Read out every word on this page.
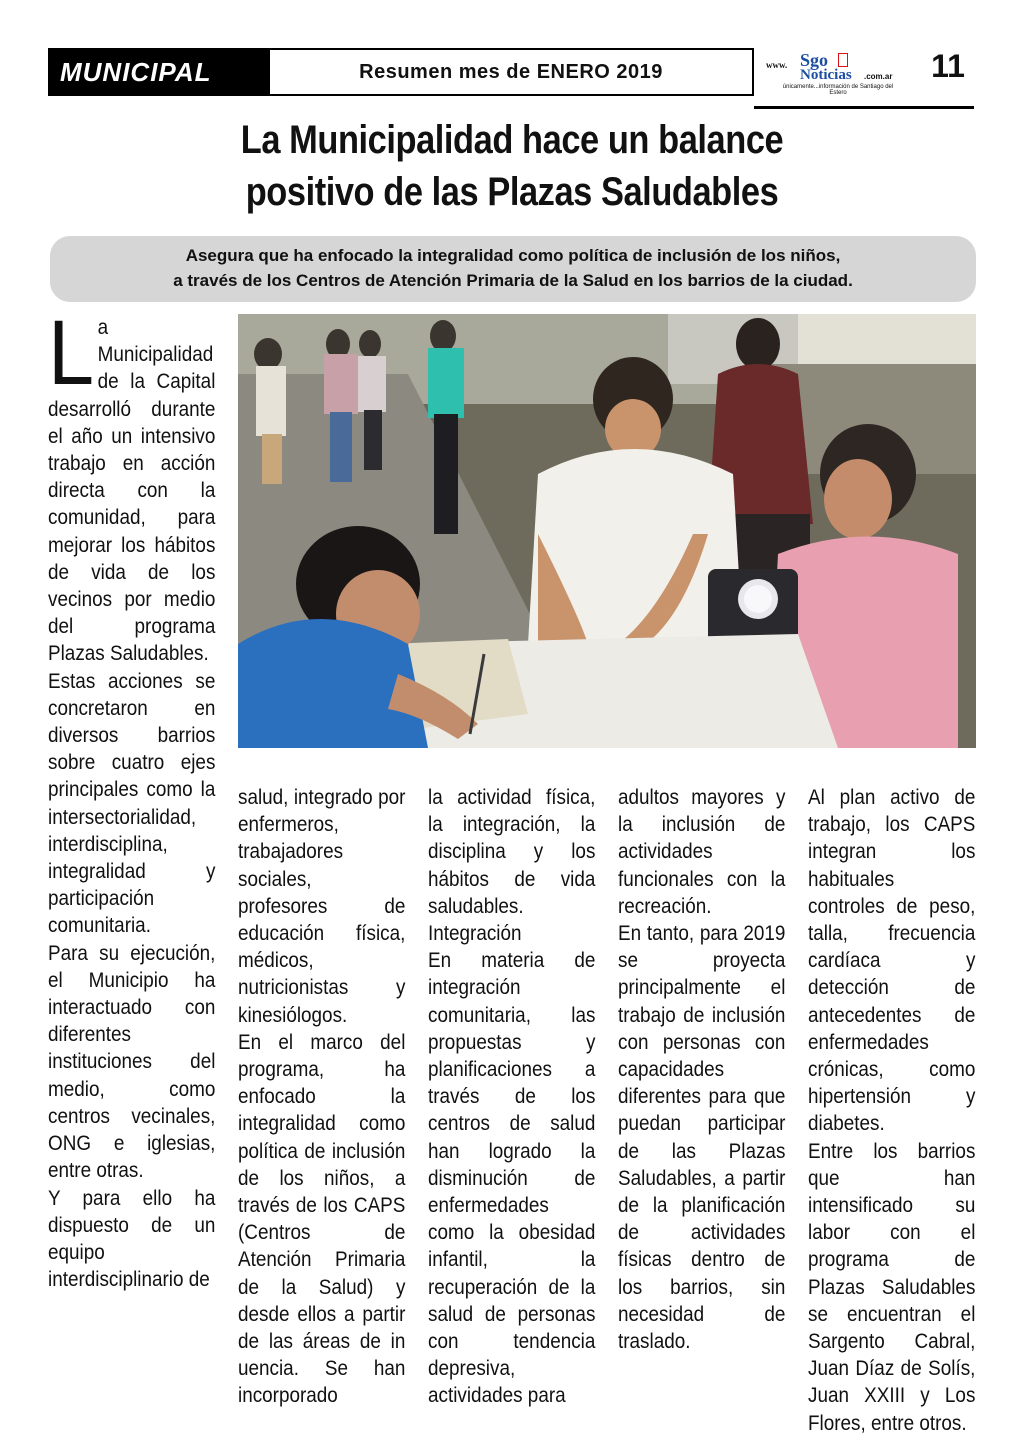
MUNICIPAL	Resumen mes de ENERO 2019	www. Sgo
Noticias .com.ar
únicamente...información de Santiago del Estero
11
La Municipalidad hace un balance
positivo de las Plazas Saludables
Asegura que ha enfocado la integralidad como política de inclusión de los niños,
a través de los Centros de Atención Primaria de la Salud en los barrios de la ciudad.

La Municipalidad de la Capital desarrolló durante el año un intensivo trabajo en acción directa con la comunidad, para mejorar los hábitos de vida de los vecinos por medio del programa Plazas Saludables.

Estas acciones se concretaron en diversos barrios sobre cuatro ejes principales como la intersectorialidad, interdisciplina, integralidad y participación comunitaria.

Para su ejecución, el Municipio ha interactuado con diferentes instituciones del medio, como centros vecinales, ONG e iglesias, entre otras.

Y para ello ha dispuesto de un equipo interdisciplinario de

salud, integrado por enfermeros, trabajadores sociales, profesores de educación física, médicos, nutricionistas y kinesiólogos.

En el marco del programa, ha enfocado la integralidad como política de inclusión de los niños, a través de los CAPS (Centros de Atención Primaria de la Salud) y desde ellos a partir de las áreas de in uencia. Se han incorporado

la actividad física, la integración, la disciplina y los hábitos de vida saludables.

Integración

En materia de integración comunitaria, las propuestas y planificaciones a través de los centros de salud han logrado la disminución de enfermedades como la obesidad infantil, la recuperación de la salud de personas con tendencia depresiva, actividades para

adultos mayores y la inclusión de actividades funcionales con la recreación.

En tanto, para 2019 se proyecta principalmente el trabajo de inclusión con personas con capacidades diferentes para que puedan participar de las Plazas Saludables, a partir de la planificación de actividades físicas dentro de los barrios, sin necesidad de traslado.

Al plan activo de trabajo, los CAPS integran los habituales controles de peso, talla, frecuencia cardíaca y detección de antecedentes de enfermedades crónicas, como hipertensión y diabetes.

Entre los barrios que han intensificado su labor con el programa de Plazas Saludables se encuentran el Sargento Cabral, Juan Díaz de Solís, Juan XXIII y Los Flores, entre otros.
